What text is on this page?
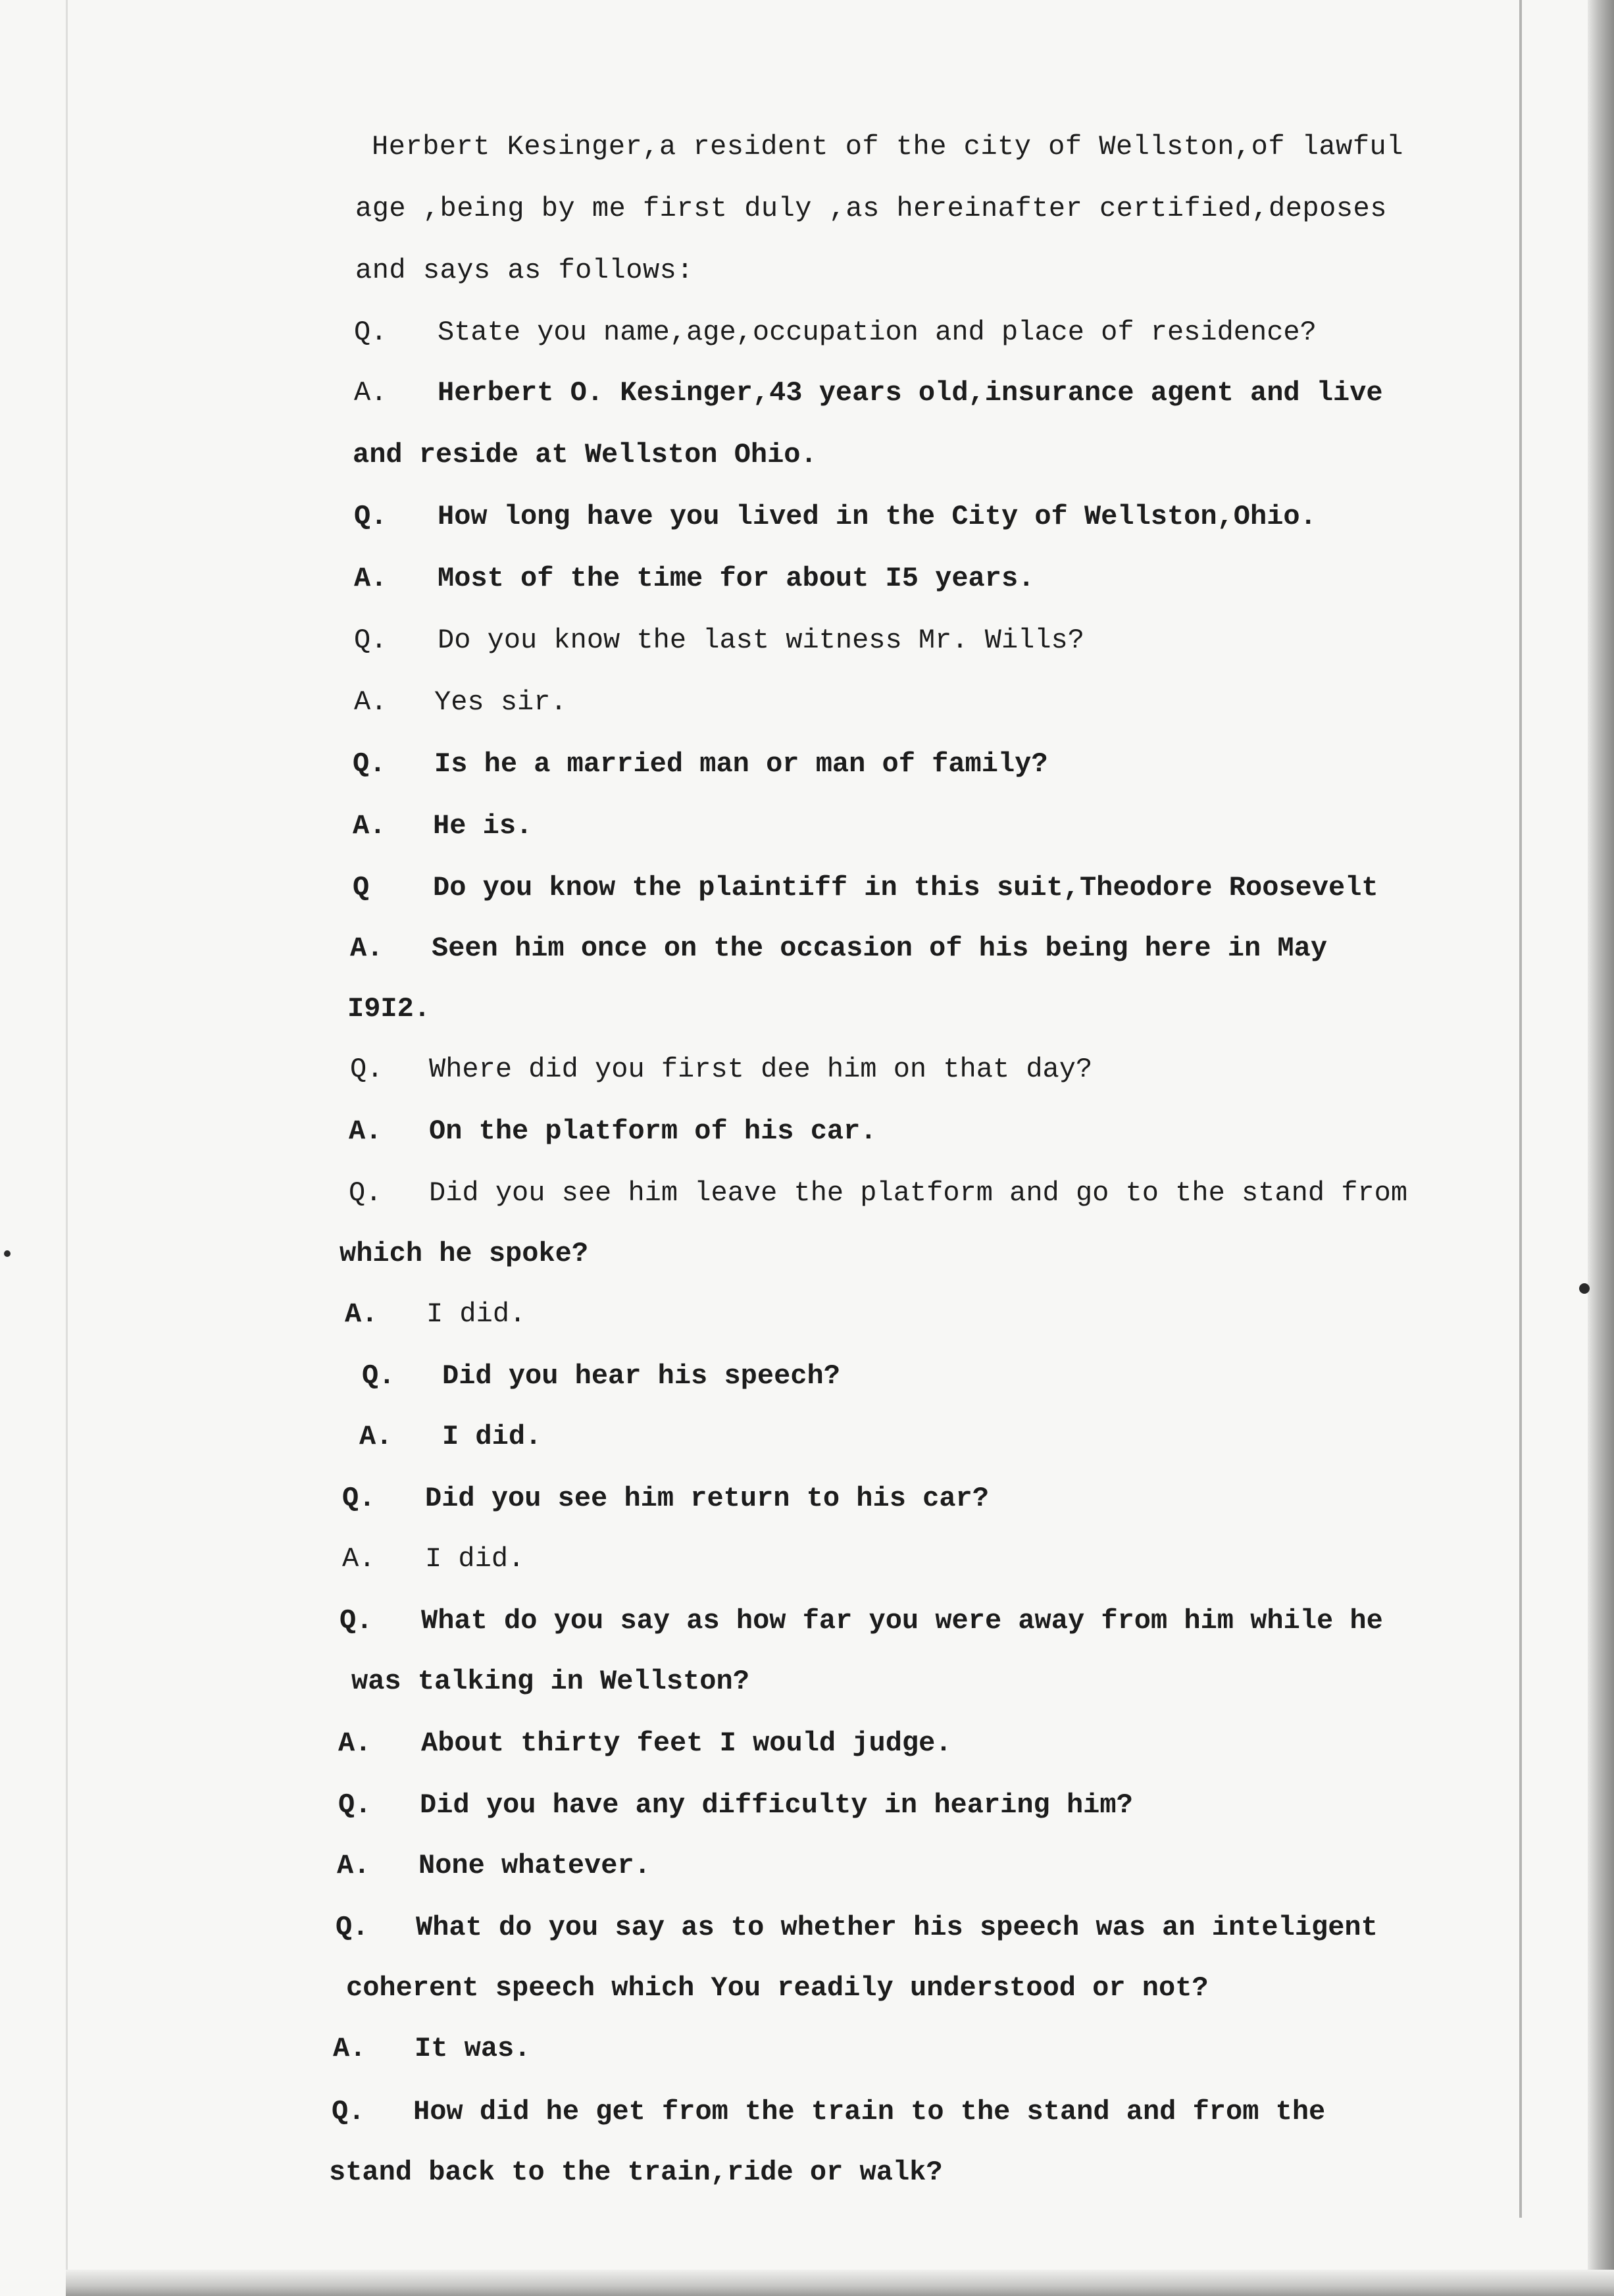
Herbert Kesinger,a resident of the city of Wellston,of lawful
age ,being by me first duly ,as hereinafter certified,deposes
and says as follows:
Q. State you name,age,occupation and place of residence?
A. Herbert O. Kesinger,43 years old,insurance agent and live
and reside at Wellston Ohio.
Q. How long have you lived in the City of Wellston,Ohio.
A. Most of the time for about I5 years.
Q. Do you know the last witness Mr. Wills?
A. Yes sir.
Q. Is he a married man or man of family?
A. He is.
Q Do you know the plaintiff in this suit,Theodore Roosevelt
A. Seen him once on the occasion of his being here in May
I9I2.
Q. Where did you first dee him on that day?
A. On the platform of his car.
Q. Did you see him leave the platform and go to the stand from
which he spoke?
A. I did.
Q. Did you hear his speech?
A. I did.
Q. Did you see him return to his car?
A. I did.
Q. What do you say as how far you were away from him while he
was talking in Wellston?
A. About thirty feet I would judge.
Q. Did you have any difficulty in hearing him?
A. None whatever.
Q. What do you say as to whether his speech was an inteligent
coherent speech which You readily understood or not?
A. It was.
Q. How did he get from the train to the stand and from the
stand back to the train,ride or walk?
